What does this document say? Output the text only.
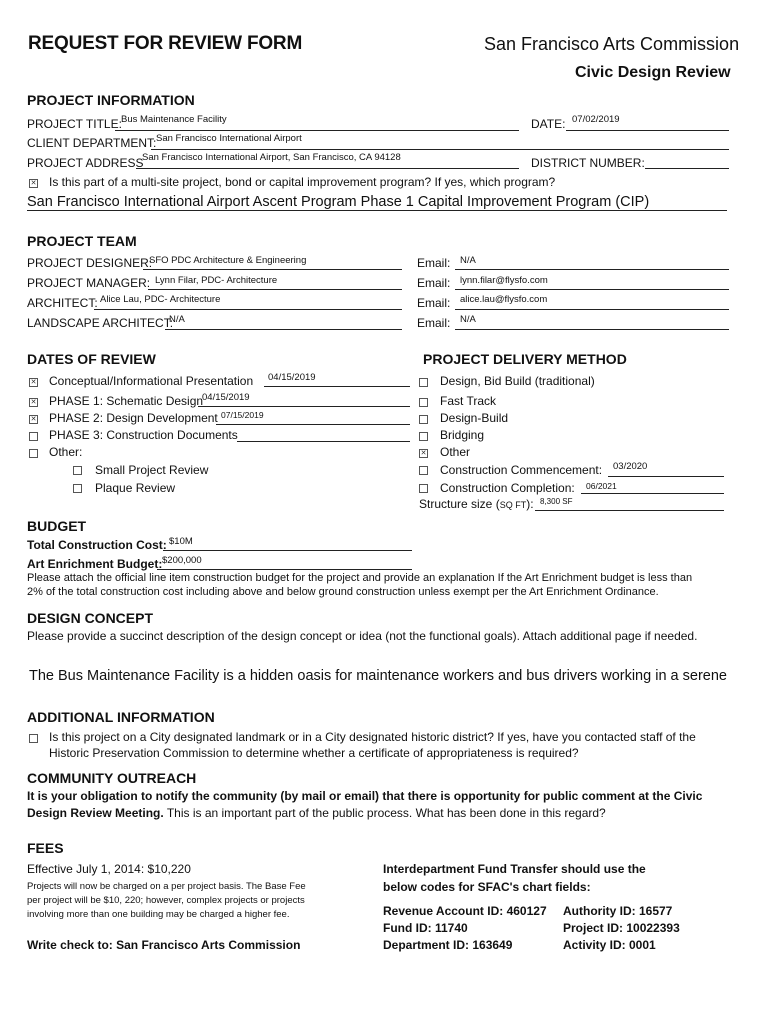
REQUEST FOR REVIEW FORM	San Francisco Arts Commission
Civic Design Review
PROJECT INFORMATION
PROJECT TITLE: Bus Maintenance Facility	DATE: 07/02/2019
CLIENT DEPARTMENT: San Francisco International Airport
PROJECT ADDRESS
San Francisco International Airport, San Francisco, CA 94128	DISTRICT NUMBER:
✕ Is this part of a multi-site project, bond or capital improvement program? If yes, which program?
San Francisco International Airport Ascent Program Phase 1 Capital Improvement Program (CIP)
PROJECT TEAM
PROJECT DESIGNER:
SFO PDC Architecture & Engineering	Email: N/A
PROJECT MANAGER: Lynn Filar, PDC- Architecture	Email: lynn.filar@flysfo.com
ARCHITECT: Alice Lau, PDC- Architecture	Email: alice.lau@flysfo.com
LANDSCAPE ARCHITECT:
N/A	Email: N/A
DATES OF REVIEW
✕ Conceptual/Informational Presentation 04/15/2019
✕ PHASE 1: Schematic Design
04/15/2019
✕ PHASE 2: Design Development 07/15/2019
PHASE 3: Construction Documents
Other:
Small Project Review
Plaque Review
PROJECT DELIVERY METHOD
Design, Bid Build (traditional)
Fast Track
Design-Build
Bridging
✕ Other
Construction Commencement: 03/2020
Construction Completion: 06/2021
Structure size (SQ FT): 8,300 SF
BUDGET
Total Construction Cost: $10M
Art Enrichment Budget: $200,000
Please attach the official line item construction budget for the project and provide an explanation If the Art Enrichment budget is less than
2% of the total construction cost including above and below ground construction unless exempt per the Art Enrichment Ordinance.
DESIGN CONCEPT
Please provide a succinct description of the design concept or idea (not the functional goals). Attach additional page if needed.
The Bus Maintenance Facility is a hidden oasis for maintenance workers and bus drivers working in a serene
ADDITIONAL INFORMATION
Is this project on a City designated landmark or in a City designated historic district? If yes, have you contacted staff of the
Historic Preservation Commission to determine whether a certificate of appropriateness is required?
COMMUNITY OUTREACH
It is your obligation to notify the community (by mail or email) that there is opportunity for public comment at the Civic
Design Review Meeting. This is an important part of the public process. What has been done in this regard?
FEES
Effective July 1, 2014: $10,220
Projects will now be charged on a per project basis. The Base Fee
per project will be $10, 220; however, complex projects or projects
involving more than one building may be charged a higher fee.
Write check to: San Francisco Arts Commission
Interdepartment Fund Transfer should use the
below codes for SFAC's chart fields:
Revenue Account ID: 460127
Fund ID: 11740
Department ID: 163649
Authority ID: 16577
Project ID: 10022393
Activity ID: 0001
